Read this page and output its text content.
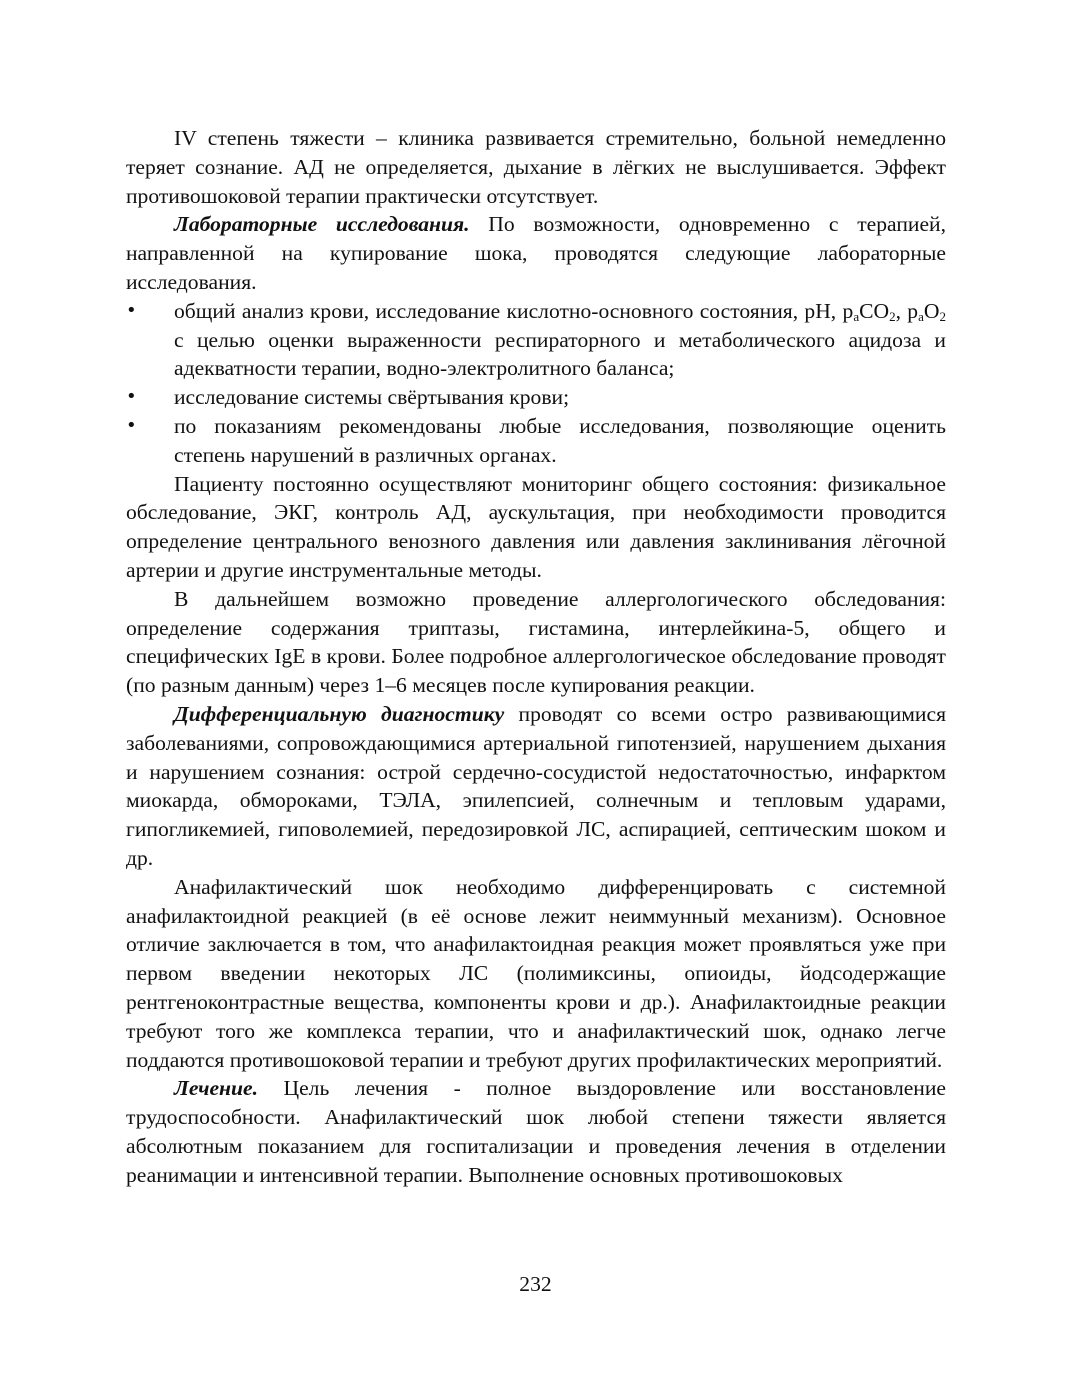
IV степень тяжести – клиника развивается стремительно, больной немедленно теряет сознание. АД не определяется, дыхание в лёгких не выслушивается. Эффект противошоковой терапии практически отсутствует.

Лабораторные исследования. По возможности, одновременно с терапией, направленной на купирование шока, проводятся следующие лабораторные исследования.

• общий анализ крови, исследование кислотно-основного состояния, pH, $p_aCO_2$, $p_aO_2$ с целью оценки выраженности респираторного и метаболического ацидоза и адекватности терапии, водно-электролитного баланса;
• исследование системы свёртывания крови;
• по показаниям рекомендованы любые исследования, позволяющие оценить степень нарушений в различных органах.

Пациенту постоянно осуществляют мониторинг общего состояния: физикальное обследование, ЭКГ, контроль АД, аускультация, при необходимости проводится определение центрального венозного давления или давления заклинивания лёгочной артерии и другие инструментальные методы.

В дальнейшем возможно проведение аллергологического обследования: определение содержания триптазы, гистамина, интерлейкина-5, общего и специфических IgE в крови. Более подробное аллергологическое обследование проводят (по разным данным) через 1–6 месяцев после купирования реакции.

Дифференциальную диагностику проводят со всеми остро развивающимися заболеваниями, сопровождающимися артериальной гипотензией, нарушением дыхания и нарушением сознания: острой сердечно-сосудистой недостаточностью, инфарктом миокарда, обмороками, ТЭЛА, эпилепсией, солнечным и тепловым ударами, гипогликемией, гиповолемией, передозировкой ЛС, аспирацией, септическим шоком и др.

Анафилактический шок необходимо дифференцировать с системной анафилактоидной реакцией (в её основе лежит неиммунный механизм). Основное отличие заключается в том, что анафилактоидная реакция может проявляться уже при первом введении некоторых ЛС (полимиксины, опиоиды, йодсодержащие рентгеноконтрастные вещества, компоненты крови и др.). Анафилактоидные реакции требуют того же комплекса терапии, что и анафилактический шок, однако легче поддаются противошоковой терапии и требуют других профилактических мероприятий.

Лечение. Цель лечения - полное выздоровление или восстановление трудоспособности. Анафилактический шок любой степени тяжести является абсолютным показанием для госпитализации и проведения лечения в отделении реанимации и интенсивной терапии. Выполнение основных противошоковых

232
